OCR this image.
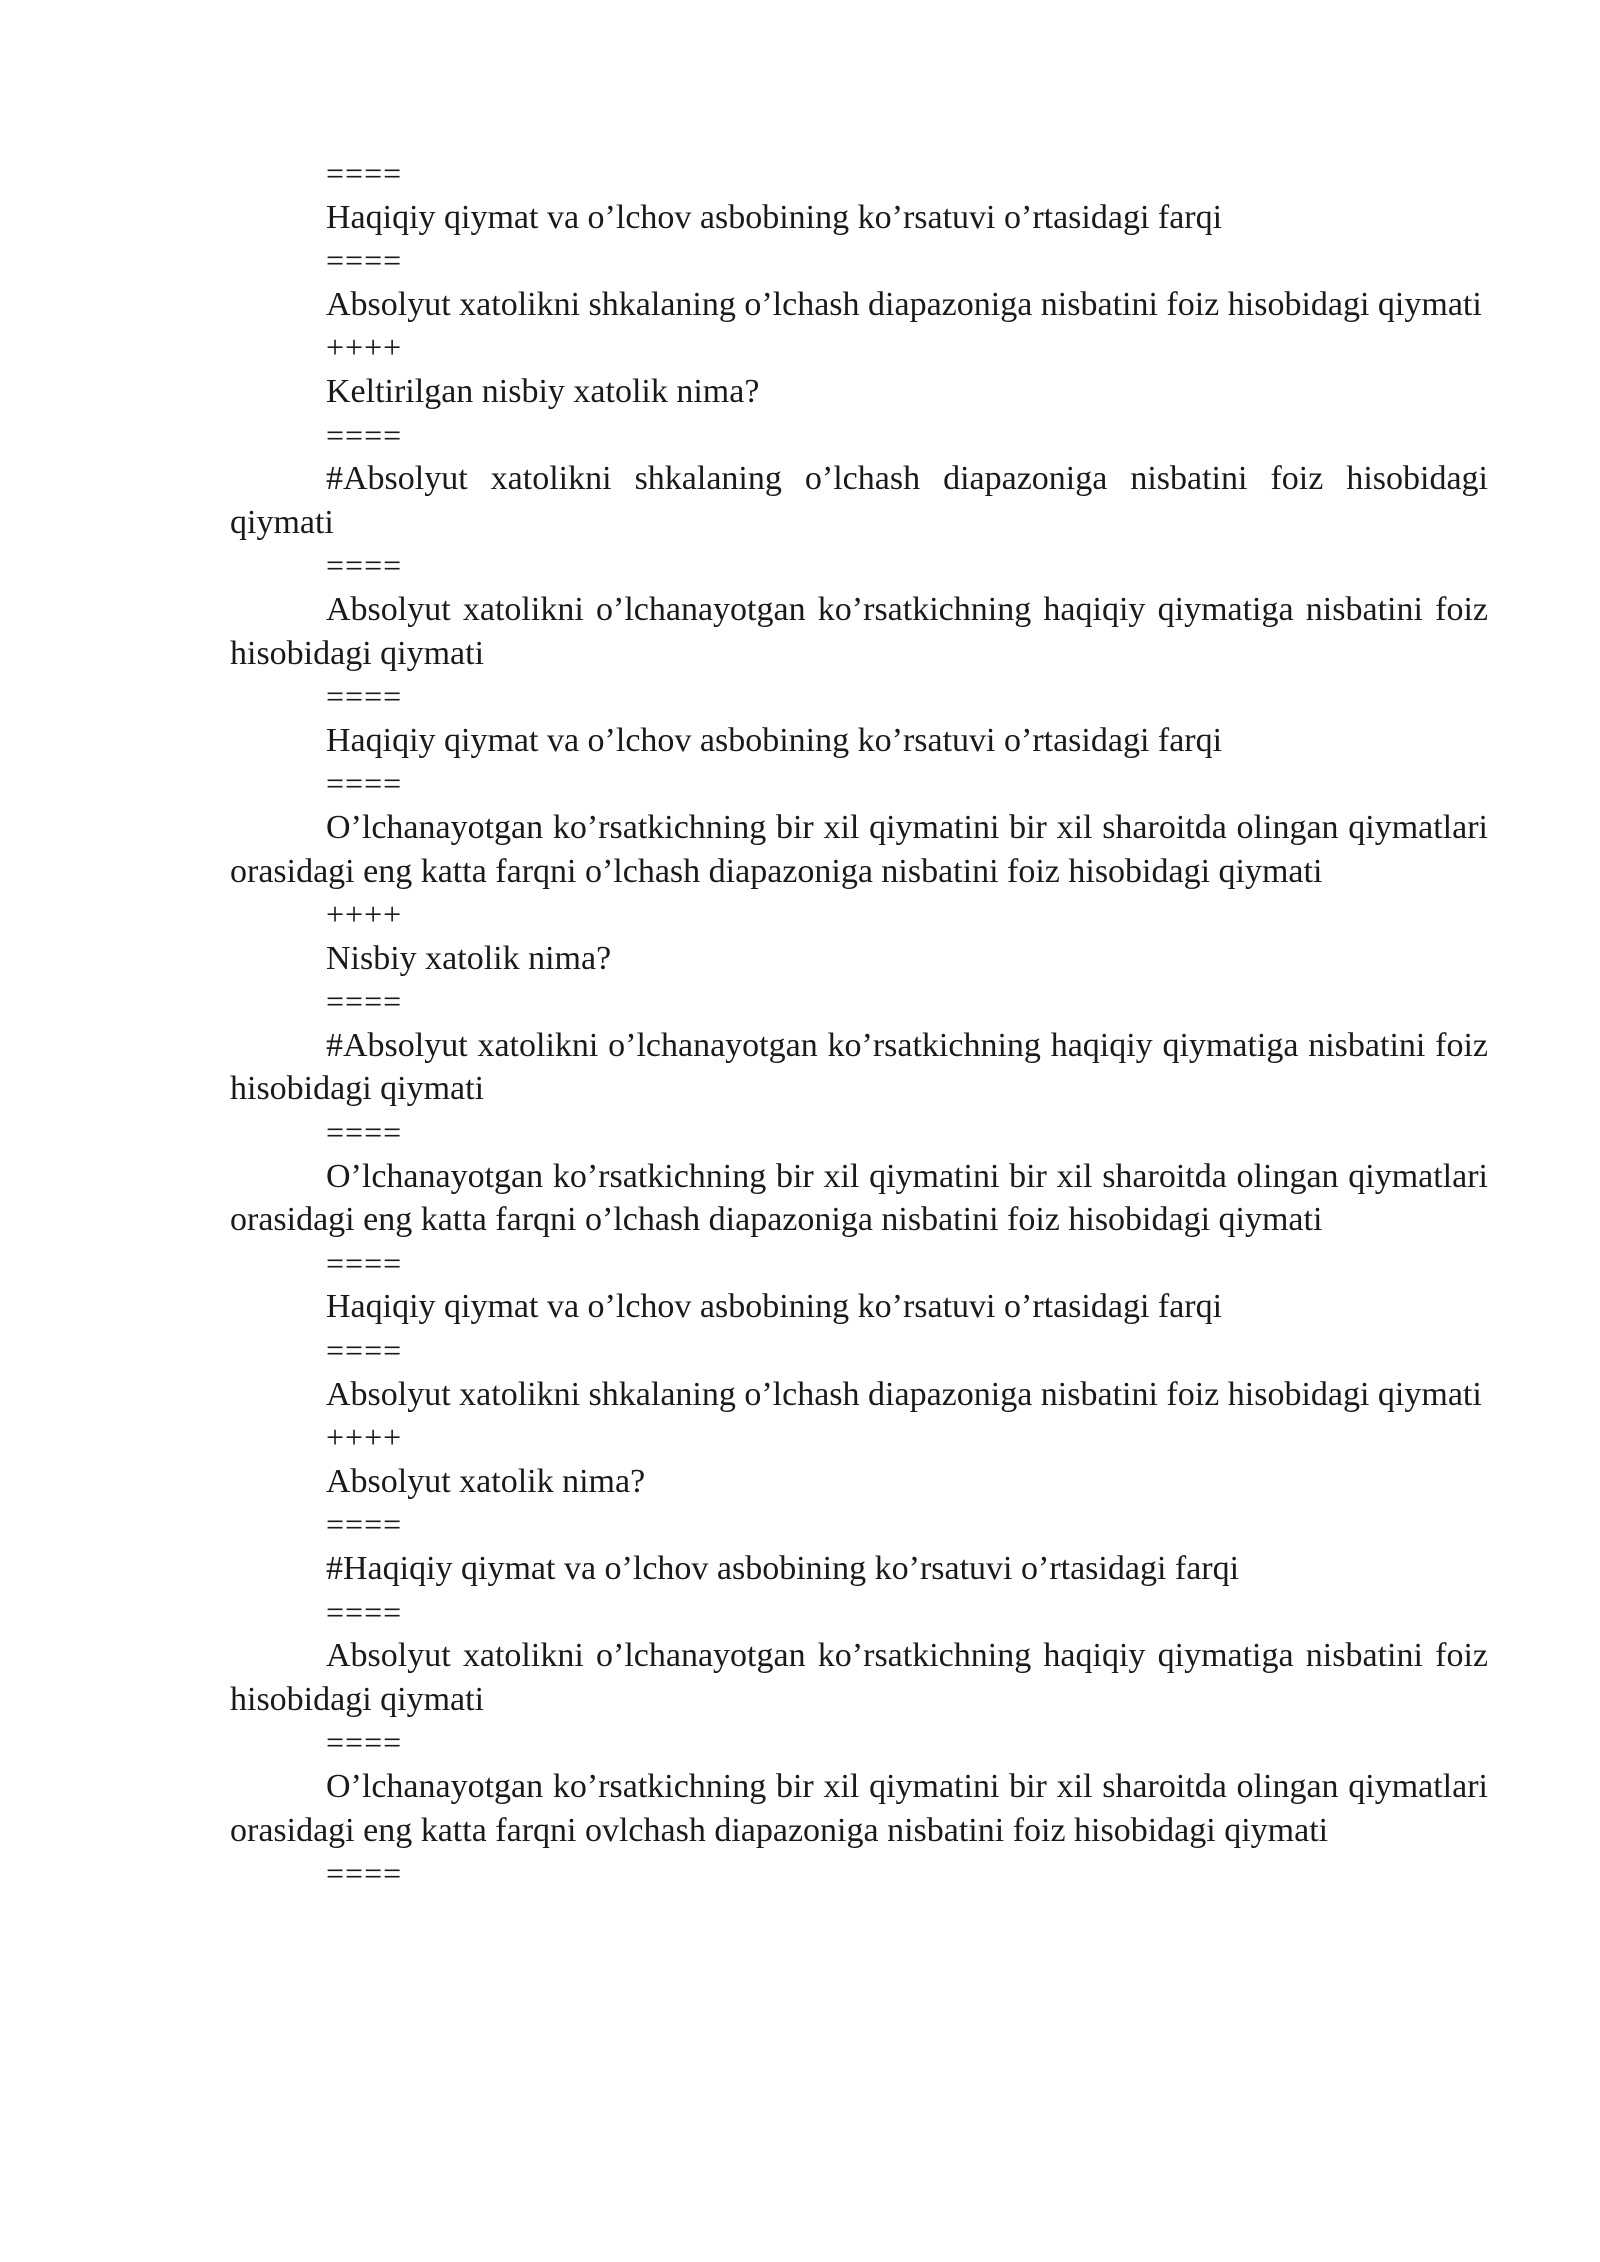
====

Haqiqiy qiymat va o’lchov asbobining ko’rsatuvi o’rtasidagi farqi

====

Absolyut xatolikni shkalaning o’lchash diapazoniga nisbatini foiz hisobidagi qiymati

++++

Keltirilgan nisbiy xatolik nima?

====

#Absolyut xatolikni shkalaning o’lchash diapazoniga nisbatini foiz hisobidagi qiymati

====

Absolyut xatolikni o’lchanayotgan ko’rsatkichning haqiqiy qiymatiga nisbatini foiz hisobidagi qiymati

====

Haqiqiy qiymat va o’lchov asbobining ko’rsatuvi o’rtasidagi farqi

====

O’lchanayotgan ko’rsatkichning bir xil qiymatini bir xil sharoitda olingan qiymatlari orasidagi eng katta farqni o’lchash diapazoniga nisbatini foiz hisobidagi qiymati

++++

Nisbiy xatolik nima?

====

#Absolyut xatolikni o’lchanayotgan ko’rsatkichning haqiqiy qiymatiga nisbatini foiz hisobidagi qiymati

====

O’lchanayotgan ko’rsatkichning bir xil qiymatini bir xil sharoitda olingan qiymatlari orasidagi eng katta farqni o’lchash diapazoniga nisbatini foiz hisobidagi qiymati

====

Haqiqiy qiymat va o’lchov asbobining ko’rsatuvi o’rtasidagi farqi

====

Absolyut xatolikni shkalaning o’lchash diapazoniga nisbatini foiz hisobidagi qiymati

++++

Absolyut xatolik nima?

====

#Haqiqiy qiymat va o’lchov asbobining ko’rsatuvi o’rtasidagi farqi

====

Absolyut xatolikni o’lchanayotgan ko’rsatkichning haqiqiy qiymatiga nisbatini foiz hisobidagi qiymati

====

O’lchanayotgan ko’rsatkichning bir xil qiymatini bir xil sharoitda olingan qiymatlari orasidagi eng katta farqni ovlchash diapazoniga nisbatini foiz hisobidagi qiymati

====
